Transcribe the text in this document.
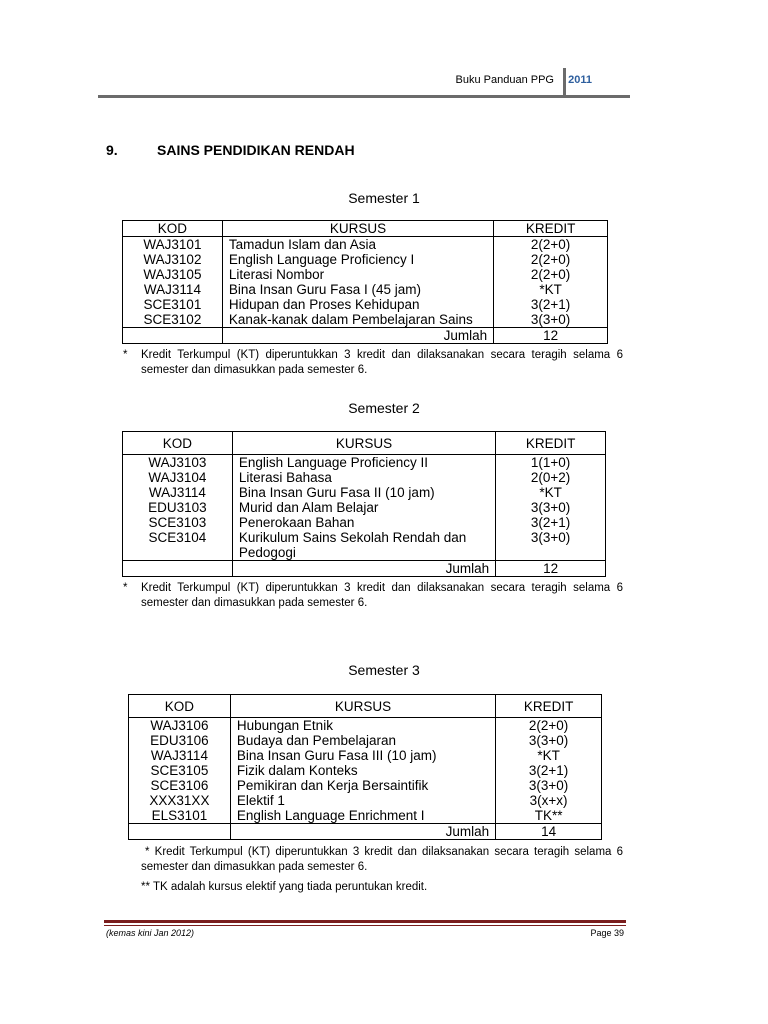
Buku Panduan PPG 2011
9.	SAINS PENDIDIKAN RENDAH
Semester 1
KOD	KURSUS	KREDIT
WAJ3101	Tamadun Islam dan Asia	2(2+0)
WAJ3102	English Language Proficiency I	2(2+0)
WAJ3105	Literasi Nombor	2(2+0)
WAJ3114	Bina Insan Guru Fasa I (45 jam)	*KT
SCE3101	Hidupan dan Proses Kehidupan	3(2+1)
SCE3102	Kanak-kanak dalam Pembelajaran Sains	3(3+0)
	Jumlah	12
* Kredit Terkumpul (KT) diperuntukkan 3 kredit dan dilaksanakan secara teragih selama 6 semester dan dimasukkan pada semester 6.
Semester 2
KOD	KURSUS	KREDIT
WAJ3103	English Language Proficiency II	1(1+0)
WAJ3104	Literasi Bahasa	2(0+2)
WAJ3114	Bina Insan Guru Fasa II (10 jam)	*KT
EDU3103	Murid dan Alam Belajar	3(3+0)
SCE3103	Penerokaan Bahan	3(2+1)
SCE3104	Kurikulum Sains Sekolah Rendah dan Pedogogi	3(3+0)
	Jumlah	12
* Kredit Terkumpul (KT) diperuntukkan 3 kredit dan dilaksanakan secara teragih selama 6 semester dan dimasukkan pada semester 6.
Semester 3
KOD	KURSUS	KREDIT
WAJ3106	Hubungan Etnik	2(2+0)
EDU3106	Budaya dan Pembelajaran	3(3+0)
WAJ3114	Bina Insan Guru Fasa III (10 jam)	*KT
SCE3105	Fizik dalam Konteks	3(2+1)
SCE3106	Pemikiran dan Kerja Bersaintifik	3(3+0)
XXX31XX	Elektif 1	3(x+x)
ELS3101	English Language Enrichment I	TK**
	Jumlah	14
* Kredit Terkumpul (KT) diperuntukkan 3 kredit dan dilaksanakan secara teragih selama 6 semester dan dimasukkan pada semester 6.
** TK adalah kursus elektif yang tiada peruntukan kredit.
(kemas kini Jan 2012)	Page 39
